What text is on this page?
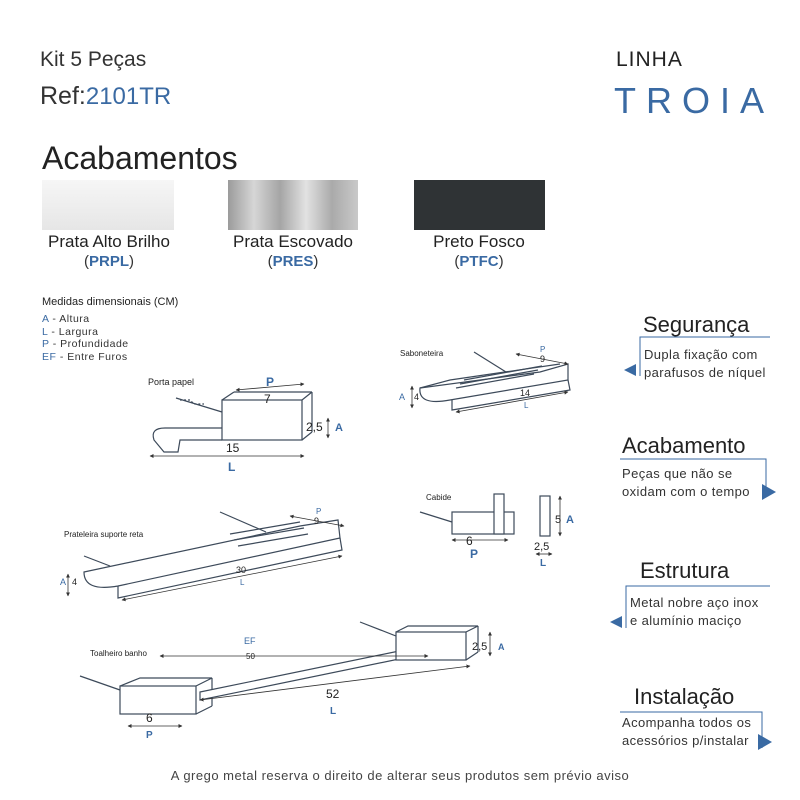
Kit 5 Peças
Ref:2101TR
LINHA
TROIA
Acabamentos
Prata Alto Brilho
(PRPL)
Prata Escovado
(PRES)
Preto Fosco
(PTFC)
Medidas dimensionais (CM)
A - Altura
L - Largura
P - Profundidade
EF - Entre Furos
Porta papel	P
7
2,5 A
15
L
Saboneteira	P
9
A 4	14
L
Cabide
6
P
5 A
2,5
L
Prateleira suporte reta
P
9
A 4
30
L
Toalheiro banho
EF
50
2,5 A
52
L
6
P
Segurança
Dupla fixação com
parafusos de níquel
Acabamento
Peças que não se
oxidam com o tempo
Estrutura
Metal nobre aço inox
e alumínio maciço
Instalação
Acompanha todos os
acessórios p/instalar
A grego metal reserva o direito de alterar seus produtos sem prévio aviso
